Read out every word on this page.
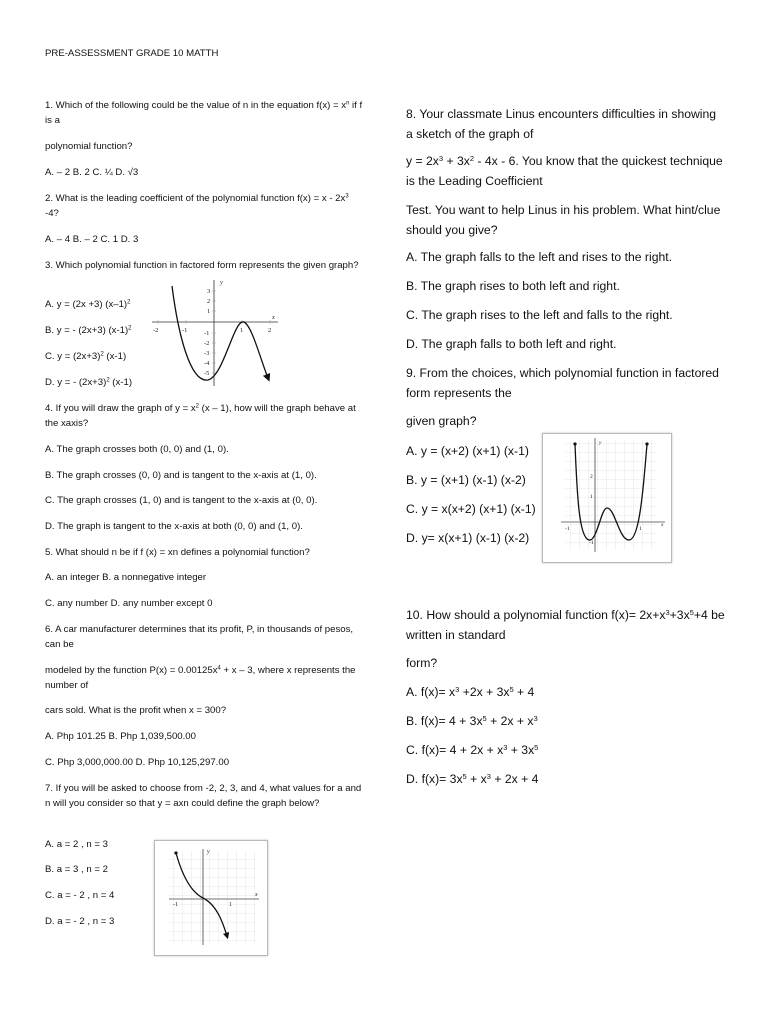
PRE-ASSESSMENT GRADE 10 MATTH
1. Which of the following could be the value of n in the equation $f(x) = x^n$ if f is a
polynomial function?
A. – 2 B. 2 C. ¼ D. √3
2. What is the leading coefficient of the polynomial function $f(x) = x - 2x^3$ -4?
A. – 4 B. – 2 C. 1 D. 3
3. Which polynomial function in factored form represents the given graph?
A. y = (2x +3) $(x-1)^2$
B. y = - (2x+3) $(x-1)^2$
C. $y = (2x+3)^2$ (x-1)
D. y = - $(2x+3)^2$ (x-1)
-2	-1	1	2
3
2
1
-1
-2
-3
-4
-5
y
x
4. If you will draw the graph of $y = x^2$ (x – 1), how will the graph behave at the xaxis?
A. The graph crosses both (0, 0) and (1, 0).
B. The graph crosses (0, 0) and is tangent to the x-axis at (1, 0).
C. The graph crosses (1, 0) and is tangent to the x-axis at (0, 0).
D. The graph is tangent to the x-axis at both (0, 0) and (1, 0).
5. What should n be if f (x) = xn defines a polynomial function?
A. an integer B. a nonnegative integer
C. any number D. any number except 0
6. A car manufacturer determines that its profit, P, in thousands of pesos, can be
modeled by the function $P(x) = 0.00125x^4 + x - 3$, where x represents the number of
cars sold. What is the profit when x = 300?
A. Php 101.25 B. Php 1,039,500.00
C. Php 3,000,000.00 D. Php 10,125,297.00
7. If you will be asked to choose from -2, 2, 3, and 4, what values for a and n will you consider so that y = axn could define the graph below?
A. a = 2 , n = 3
B. a = 3 , n = 2
C. a = - 2 , n = 4
D. a = - 2 , n = 3
-1	1
y
x
8. Your classmate Linus encounters difficulties in showing a sketch of the graph of
$y = 2x^3 + 3x^2 - 4x - 6$. You know that the quickest technique is the Leading Coefficient
Test. You want to help Linus in his problem. What hint/clue should you give?
A. The graph falls to the left and rises to the right.
B. The graph rises to both left and right.
C. The graph rises to the left and falls to the right.
D. The graph falls to both left and right.
9. From the choices, which polynomial function in factored form represents the
given graph?
A. y = (x+2) (x+1) (x-1)
B. y = (x+1) (x-1) (x-2)
C. y = x(x+2) (x+1) (x-1)
D. y= x(x+1) (x-1) (x-2)
-1	1
2
1
-1
y
x
10. How should a polynomial function $f(x)= 2x+x^3+3x^5+4$ be written in standard
form?
A. $f(x)= x^3 +2x + 3x^5 + 4$
B. $f(x)= 4 + 3x^5 + 2x + x^3$
C. $f(x)= 4 + 2x + x^3 + 3x^5$
D. $f(x)= 3x^5 + x^3 + 2x + 4$
